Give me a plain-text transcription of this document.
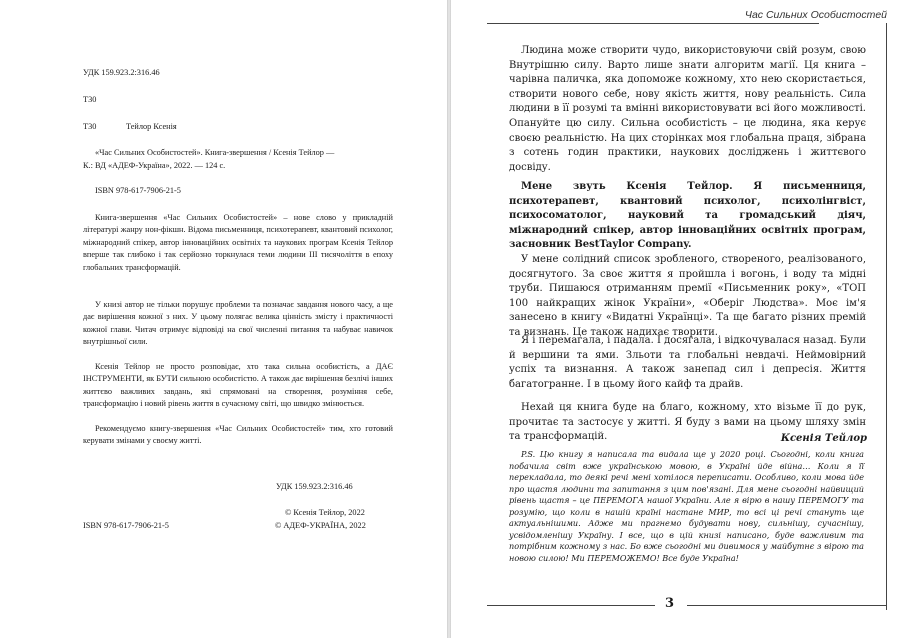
УДК 159.923.2:316.46
Т30
Т30	Тейлор Ксенія
«Час Сильних Особистостей». Книга-звершення / Ксенія Тейлор —
К.: ВД «АДЕФ-Україна», 2022. — 124 с.
ISBN 978-617-7906-21-5
Книга-звершення «Час Сильних Особистостей» – нове слово у прикладній літературі жанру нон-фікшн. Відома письменниця, психотерапевт, квантовий психолог, міжнародний спікер, автор інноваційних освітніх та наукових програм Ксенія Тейлор вперше так глибоко і так серйозно торкнулася теми людини ІІІ тисячоліття в епоху глобальних трансформацій.
У книзі автор не тільки порушує проблеми та позначає завдання нового часу, а ще дає вирішення кожної з них. У цьому полягає велика цінність змісту і практичності кожної глави. Читач отримує відповіді на свої численні питання та набуває навичок внутрішньої сили.
Ксенія Тейлор не просто розповідає, хто така сильна особистість, а ДАЄ ІНСТРУМЕНТИ, як БУТИ сильною особистістю. А також дає вирішення безлічі інших життєво важливих завдань, які спрямовані на створення, розуміння себе, трансформацію і новий рівень життя в сучасному світі, що швидко змінюється.
Рекомендуємо книгу-звершення «Час Сильних Особистостей» тим, хто готовий керувати змінами у своєму житті.
УДК 159.923.2:316.46
© Ксенія Тейлор, 2022
ISBN 978-617-7906-21-5	© АДЕФ-УКРАЇНА, 2022
Час Сильних Особистостей
Людина може створити чудо, використовуючи свій розум, свою Внутрішню силу. Варто лише знати алгоритм магії. Ця книга – чарівна паличка, яка допоможе кожному, хто нею скористається, створити нового себе, нову якість життя, нову реальність. Сила людини в її розумі та вмінні використовувати всі його можливості. Опануйте цю силу. Сильна особистість – це людина, яка керує своєю реальністю. На цих сторінках моя глобальна праця, зібрана з сотень годин практики, наукових досліджень і життєвого досвіду.
Мене звуть Ксенія Тейлор. Я письменниця, психотерапевт, квантовий психолог, психолінгвіст, психосоматолог, науковий та громадський діяч, міжнародний спікер, автор інноваційних освітніх програм, засновник BestTaylor Company.
У мене солідний список зробленого, створеного, реалізованого, досягнутого. За своє життя я пройшла і вогонь, і воду та мідні труби. Пишаюся отриманням премії «Письменник року», «ТОП 100 найкращих жінок України», «Оберіг Людства». Моє ім'я занесено в книгу «Видатні Українці». Та ще багато різних премій та визнань. Це також надихає творити.
Я і перемагала, і падала. І досягала, і відкочувалася назад. Були й вершини та ями. Зльоти та глобальні невдачі. Неймовірний успіх та визнання. А також занепад сил і депресія. Життя багатогранне. І в цьому його кайф та драйв.
Нехай ця книга буде на благо, кожному, хто візьме її до рук, прочитає та застосує у житті. Я буду з вами на цьому шляху змін та трансформацій.	Ксенія Тейлор
P.S. Цю книгу я написала та видала ще у 2020 році. Сьогодні, коли книга побачила світ вже українською мовою, в Україні йде війна… Коли я її перекладала, то деякі речі мені хотілося переписати. Особливо, коли мова йде про щастя людини та запитання з цим пов'язані. Для мене сьогодні найвищий рівень щастя – це ПЕРЕМОГА нашої України. Але я вірю в нашу ПЕРЕМОГУ та розумію, що коли в нашій країні настане МИР, то всі ці речі стануть ще актуальнішими. Адже ми прагнемо будувати нову, сильнішу, сучаснішу, усвідомленішу Україну. І все, що в цій книзі написано, буде важливим та потрібним кожному з нас. Бо вже сьогодні ми дивимося у майбутнє з вірою та новою силою! Ми ПЕРЕМОЖЕМО! Все буде Україна!
3
